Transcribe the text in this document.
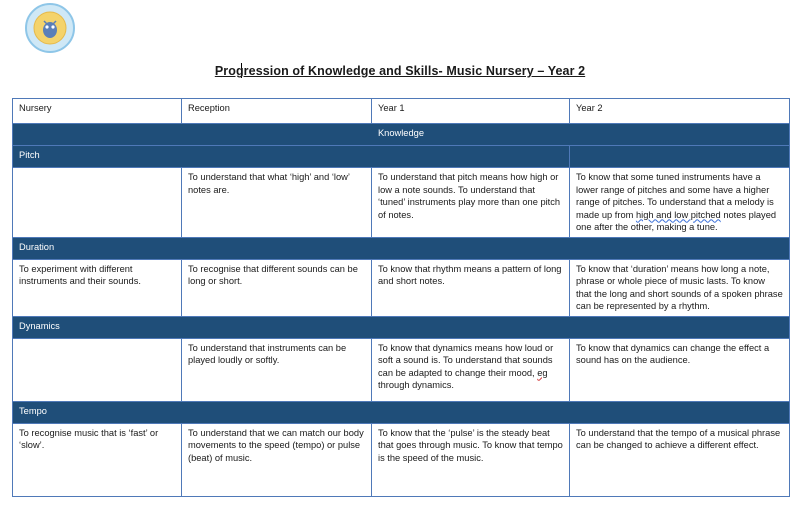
Progression of Knowledge and Skills- Music Nursery – Year 2
Nursery	Reception	Year 1	Year 2
Knowledge			
Pitch			
	To understand that what ‘high’ and ‘low’ notes are.	To understand that pitch means how high or low a note sounds. To understand that ‘tuned’ instruments play more than one pitch of notes.	To know that some tuned instruments have a lower range of pitches and some have a higher range of pitches. To understand that a melody is made up from high and low pitched notes played one after the other, making a tune.
Duration			
To experiment with different instruments and their sounds.	To recognise that different sounds can be long or short.	To know that rhythm means a pattern of long and short notes.	To know that ‘duration’ means how long a note, phrase or whole piece of music lasts. To know that the long and short sounds of a spoken phrase can be represented by a rhythm.
Dynamics			
	To understand that instruments can be played loudly or softly.	To know that dynamics means how loud or soft a sound is. To understand that sounds can be adapted to change their mood, eg through dynamics.	To know that dynamics can change the effect a sound has on the audience.
Tempo			
To recognise music that is ‘fast’ or ‘slow’.	To understand that we can match our body movements to the speed (tempo) or pulse (beat) of music.	To know that the ‘pulse’ is the steady beat that goes through music. To know that tempo is the speed of the music.	To understand that the tempo of a musical phrase can be changed to achieve a different effect.
